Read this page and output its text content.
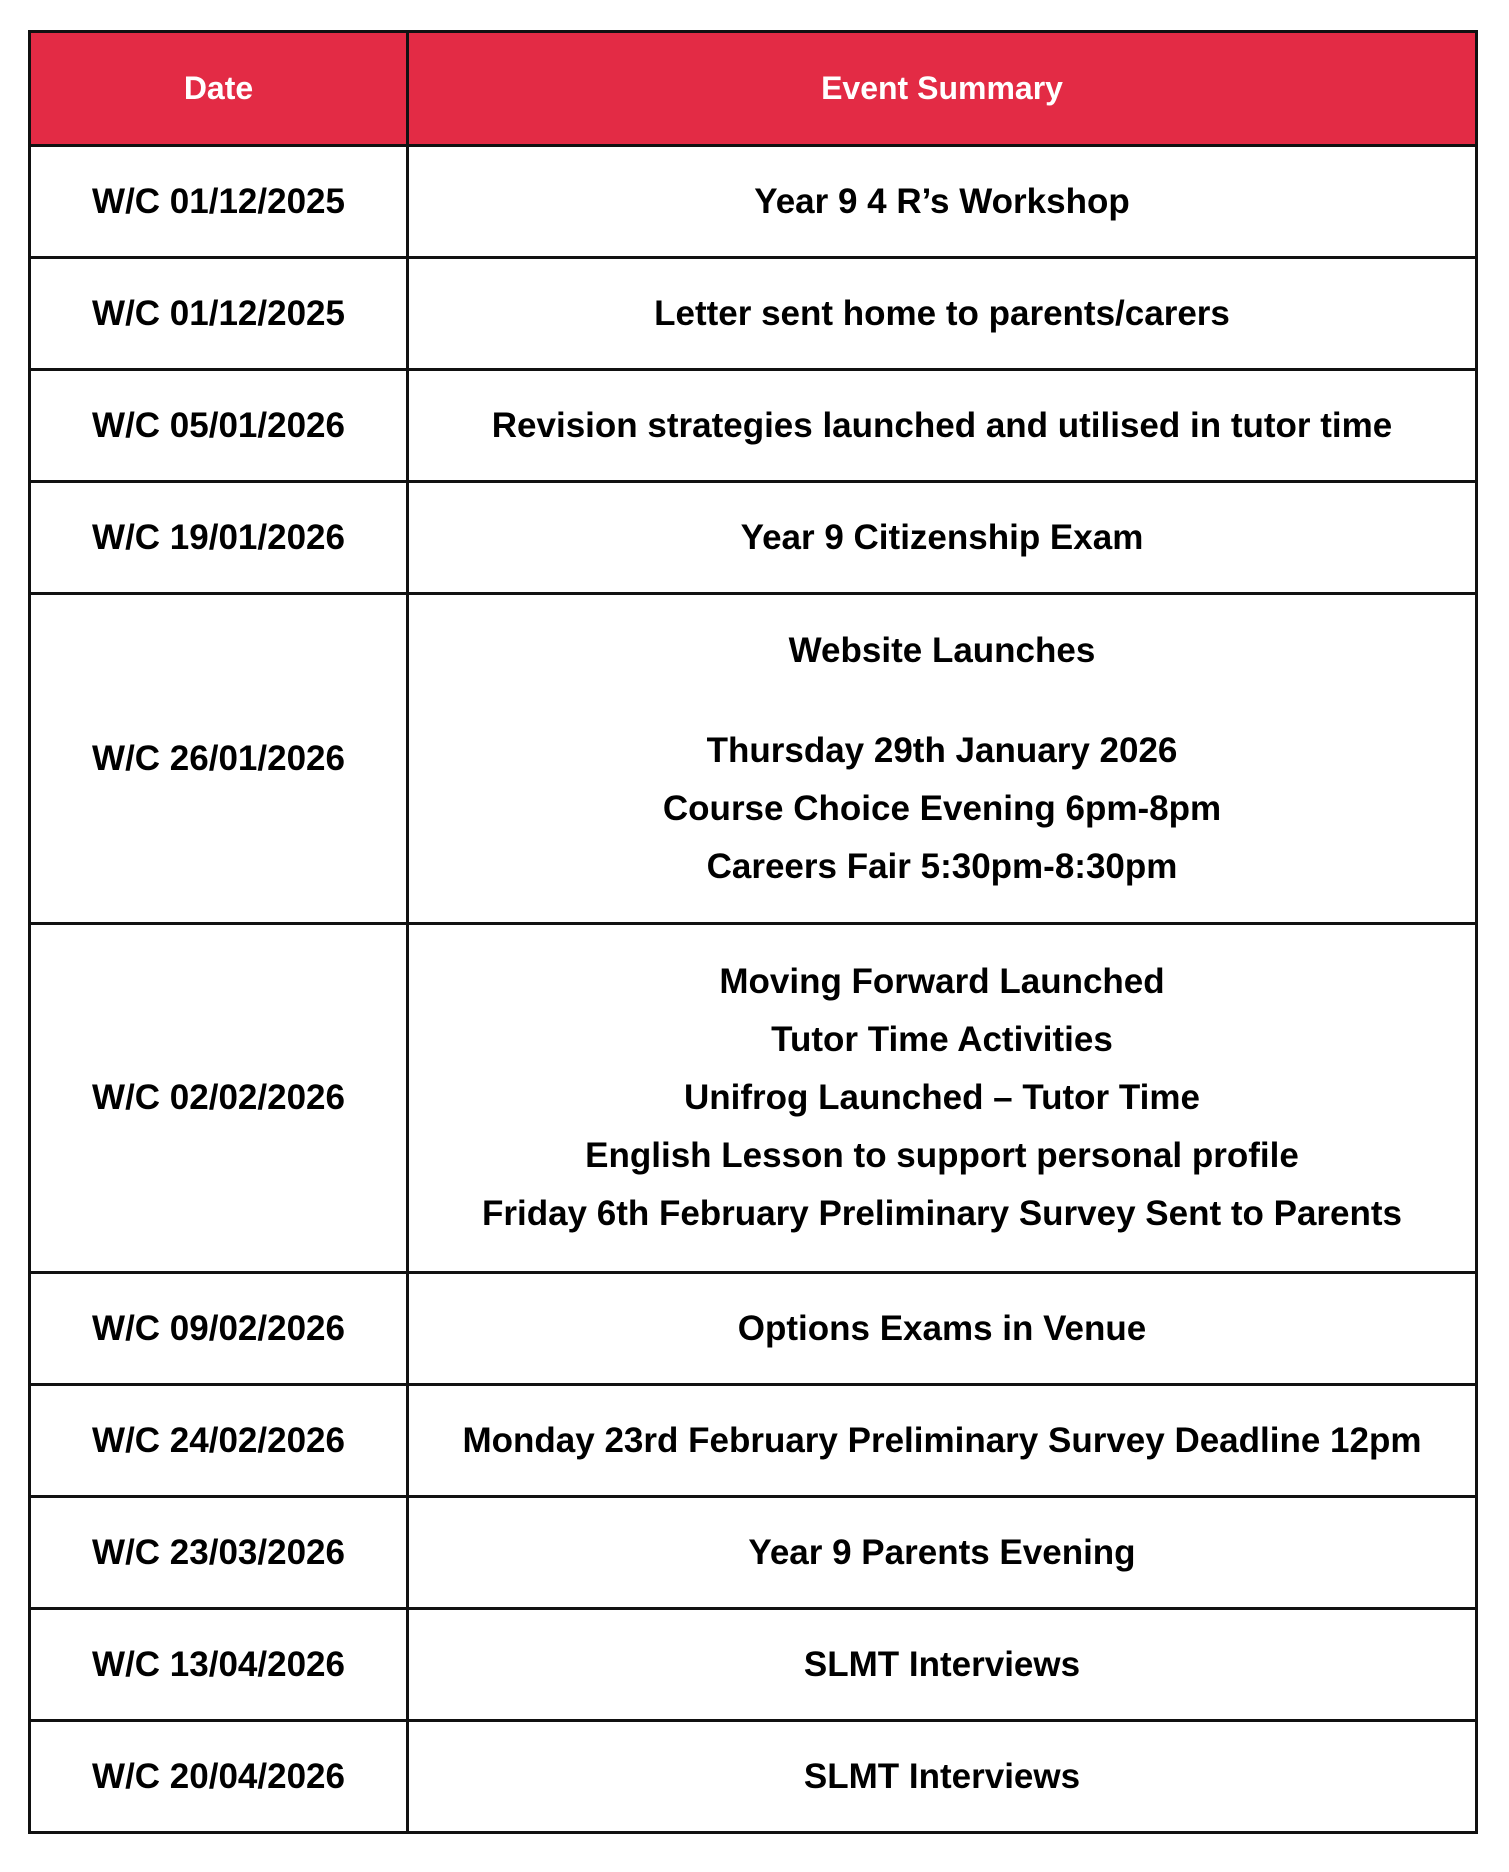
Date	Event Summary
W/C 01/12/2025	Year 9 4 R’s Workshop

W/C 01/12/2025	Letter sent home to parents/carers

W/C 05/01/2026	Revision strategies launched and utilised in tutor time

W/C 19/01/2026	Year 9 Citizenship Exam

W/C 26/01/2026	Website Launches
Thursday 29th January 2026
Course Choice Evening 6pm-8pm
Careers Fair 5:30pm-8:30pm

W/C 02/02/2026	Moving Forward Launched
Tutor Time Activities
Unifrog Launched – Tutor Time
English Lesson to support personal profile
Friday 6th February Preliminary Survey Sent to Parents

W/C 09/02/2026	Options Exams in Venue

W/C 24/02/2026	Monday 23rd February Preliminary Survey Deadline 12pm

W/C 23/03/2026	Year 9 Parents Evening

W/C 13/04/2026	SLMT Interviews

W/C 20/04/2026	SLMT Interviews
